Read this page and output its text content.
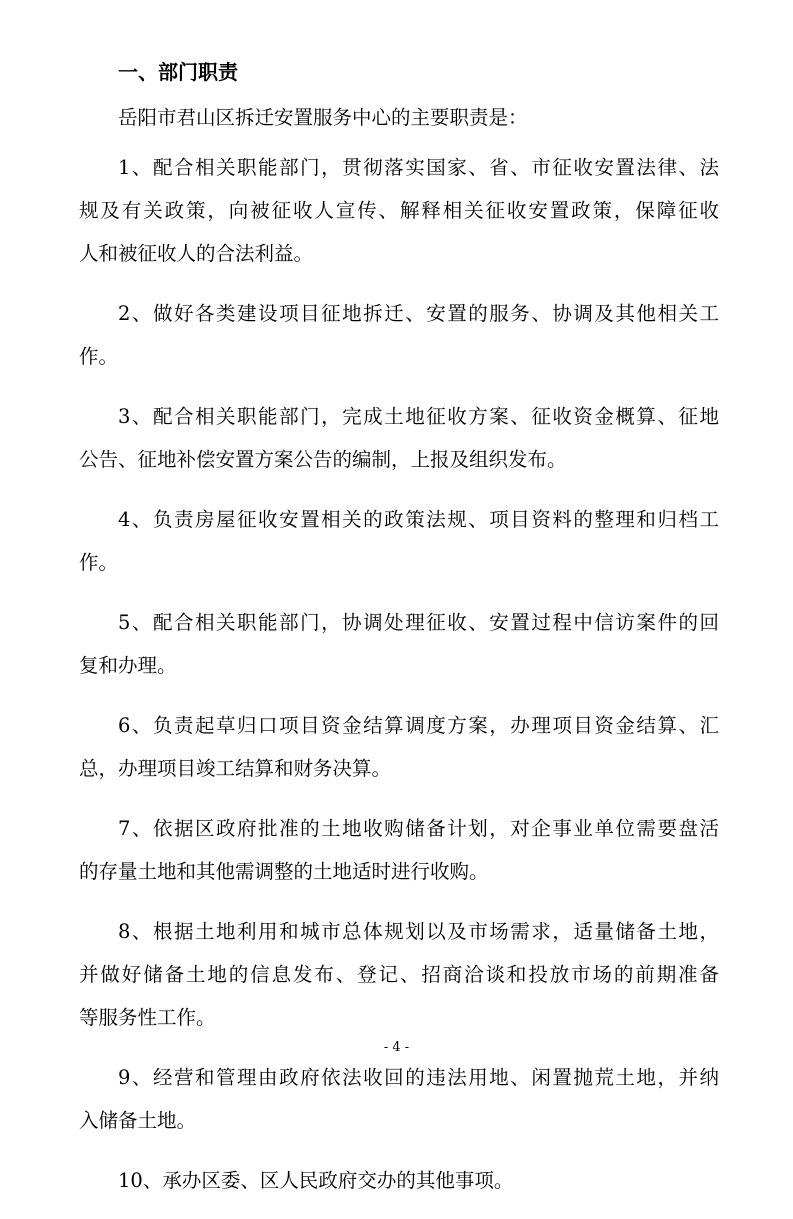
一、部门职责

岳阳市君山区拆迁安置服务中心的主要职责是：

1、配合相关职能部门，贯彻落实国家、省、市征收安置法律、法
规及有关政策，向被征收人宣传、解释相关征收安置政策，保障征收
人和被征收人的合法利益。
2、做好各类建设项目征地拆迁、安置的服务、协调及其他相关工
作。
3、配合相关职能部门，完成土地征收方案、征收资金概算、征地
公告、征地补偿安置方案公告的编制，上报及组织发布。
4、负责房屋征收安置相关的政策法规、项目资料的整理和归档工
作。
5、配合相关职能部门，协调处理征收、安置过程中信访案件的回
复和办理。
6、负责起草归口项目资金结算调度方案，办理项目资金结算、汇
总，办理项目竣工结算和财务决算。
7、依据区政府批准的土地收购储备计划，对企事业单位需要盘活
的存量土地和其他需调整的土地适时进行收购。
8、根据土地利用和城市总体规划以及市场需求，适量储备土地，
并做好储备土地的信息发布、登记、招商洽谈和投放市场的前期准备
等服务性工作。
9、经营和管理由政府依法收回的违法用地、闲置抛荒土地，并纳
入储备土地。
10、承办区委、区人民政府交办的其他事项。

- 4 -
